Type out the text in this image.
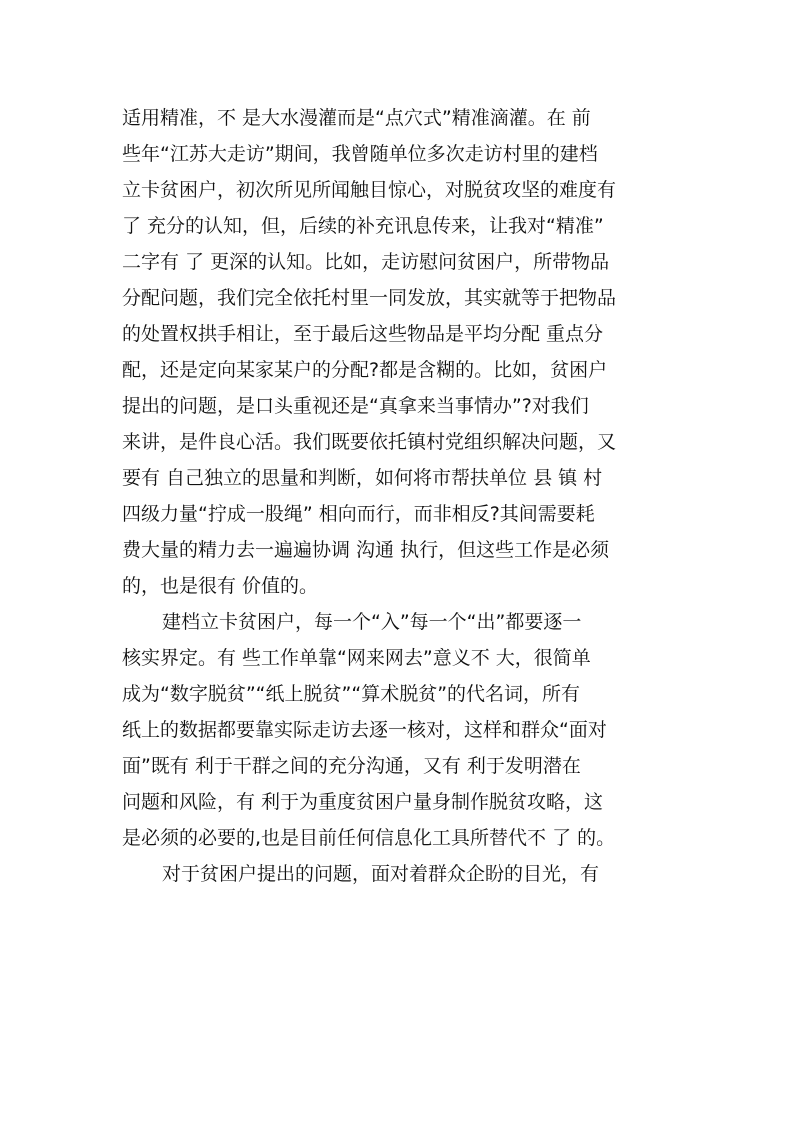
适用精准，不 是大水漫灌而是“点穴式”精准滴灌。在 前
些年“江苏大走访”期间，我曾随单位多次走访村里的建档
立卡贫困户，初次所见所闻触目惊心，对脱贫攻坚的难度有
了 充分的认知，但，后续的补充讯息传来，让我对“精准”
二字有 了 更深的认知。比如，走访慰问贫困户，所带物品
分配问题，我们完全依托村里一同发放，其实就等于把物品
的处置权拱手相让，至于最后这些物品是平均分配 重点分
配，还是定向某家某户的分配?都是含糊的。比如，贫困户
提出的问题，是口头重视还是“真拿来当事情办”?对我们
来讲，是件良心活。我们既要依托镇村党组织解决问题，又
要有 自己独立的思量和判断，如何将市帮扶单位 县 镇 村
四级力量“拧成一股绳” 相向而行，而非相反?其间需要耗
费大量的精力去一遍遍协调 沟通 执行，但这些工作是必须
的，也是很有 价值的。
建档立卡贫困户，每一个“入”每一个“出”都要逐一
核实界定。有 些工作单靠“网来网去”意义不 大，很简单
成为“数字脱贫”“纸上脱贫”“算术脱贫”的代名词，所有
纸上的数据都要靠实际走访去逐一核对，这样和群众“面对
面”既有 利于干群之间的充分沟通，又有 利于发明潜在
问题和风险，有 利于为重度贫困户量身制作脱贫攻略，这
是必须的必要的,也是目前任何信息化工具所替代不 了 的。
对于贫困户提出的问题，面对着群众企盼的目光，有
